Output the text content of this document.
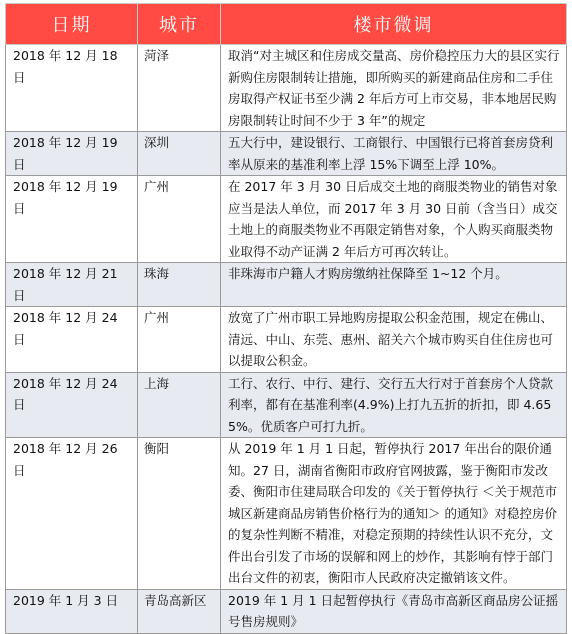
日期	城市	楼市微调
2018 年 12 月 18 日	菏泽	取消“对主城区和住房成交量高、房价稳控压力大的县区实行新购住房限制转让措施，即所购买的新建商品住房和二手住房取得产权证书至少满 2 年后方可上市交易，非本地居民购房限制转让时间不少于 3 年”的规定
2018 年 12 月 19 日	深圳	五大行中，建设银行、工商银行、中国银行已将首套房贷利率从原来的基准利率上浮 15%下调至上浮 10%。
2018 年 12 月 19 日	广州	在 2017 年 3 月 30 日后成交土地的商服类物业的销售对象应当是法人单位，而 2017 年 3 月 30 日前（含当日）成交土地上的商服类物业不再限定销售对象，个人购买商服类物业取得不动产证满 2 年后方可再次转让。
2018 年 12 月 21 日	珠海	非珠海市户籍人才购房缴纳社保降至 1~12 个月。
2018 年 12 月 24 日	广州	放宽了广州市职工异地购房提取公积金范围，规定在佛山、清远、中山、东莞、惠州、韶关六个城市购买自住住房也可以提取公积金。
2018 年 12 月 24 日	上海	工行、农行、中行、建行、交行五大行对于首套房个人贷款利率，都有在基准利率(4.9%)上打九五折的折扣，即 4.655%。优质客户可打九折。
2018 年 12 月 26 日	衡阳	从 2019 年 1 月 1 日起，暂停执行 2017 年出台的限价通知。27 日，湖南省衡阳市政府官网披露，鉴于衡阳市发改委、衡阳市住建局联合印发的《关于暂停执行 ＜关于规范市城区新建商品房销售价格行为的通知＞ 的通知》对稳控房价的复杂性判断不精准，对稳定预期的持续性认识不充分，文件出台引发了市场的误解和网上的炒作，其影响有悖于部门出台文件的初衷，衡阳市人民政府决定撤销该文件。
2019 年 1 月 3 日	青岛高新区	2019 年 1 月 1 日起暂停执行《青岛市高新区商品房公证摇号售房规则》
